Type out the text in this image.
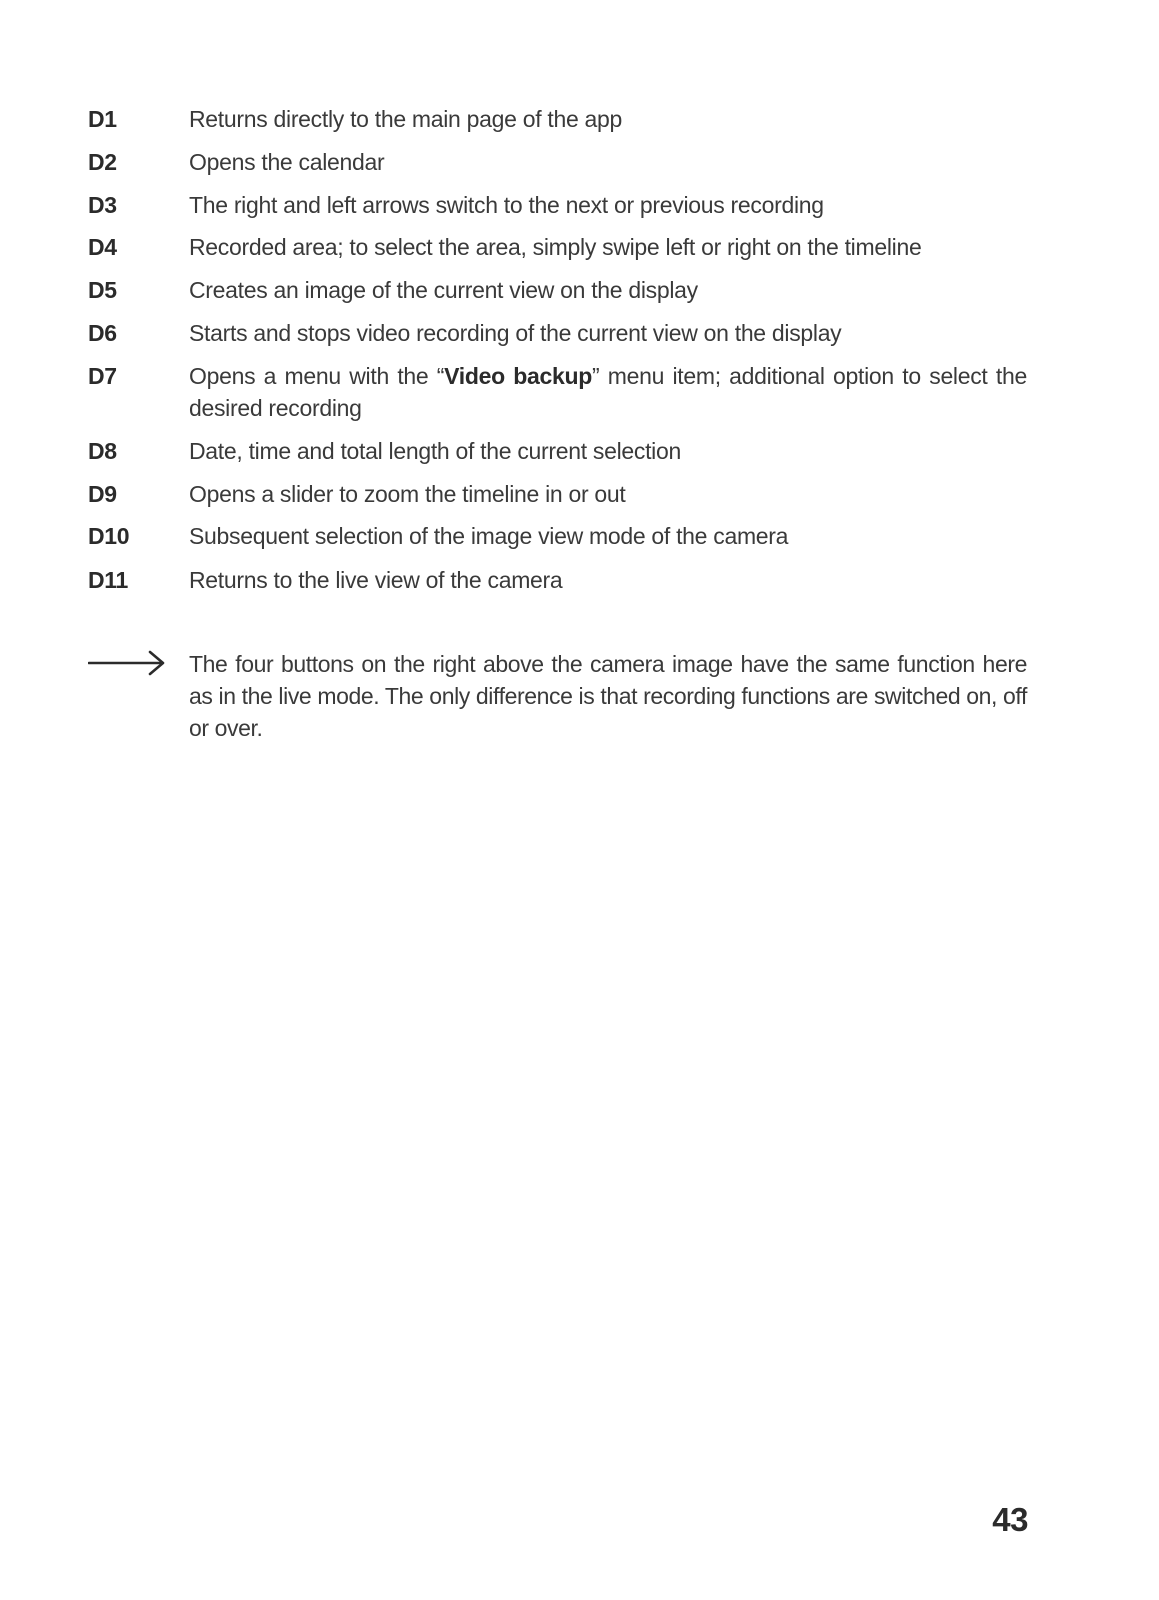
D1	Returns directly to the main page of the app
D2	Opens the calendar
D3	The right and left arrows switch to the next or previous recording
D4	Recorded area; to select the area, simply swipe left or right on the timeline
D5	Creates an image of the current view on the display
D6	Starts and stops video recording of the current view on the display
D7	Opens a menu with the “Video backup” menu item; additional option to select the desired recording
D8	Date, time and total length of the current selection
D9	Opens a slider to zoom the timeline in or out
D10	Subsequent selection of the image view mode of the camera
D11	Returns to the live view of the camera
The four buttons on the right above the camera image have the same function here as in the live mode. The only difference is that recording functions are switched on, off or over.
43
